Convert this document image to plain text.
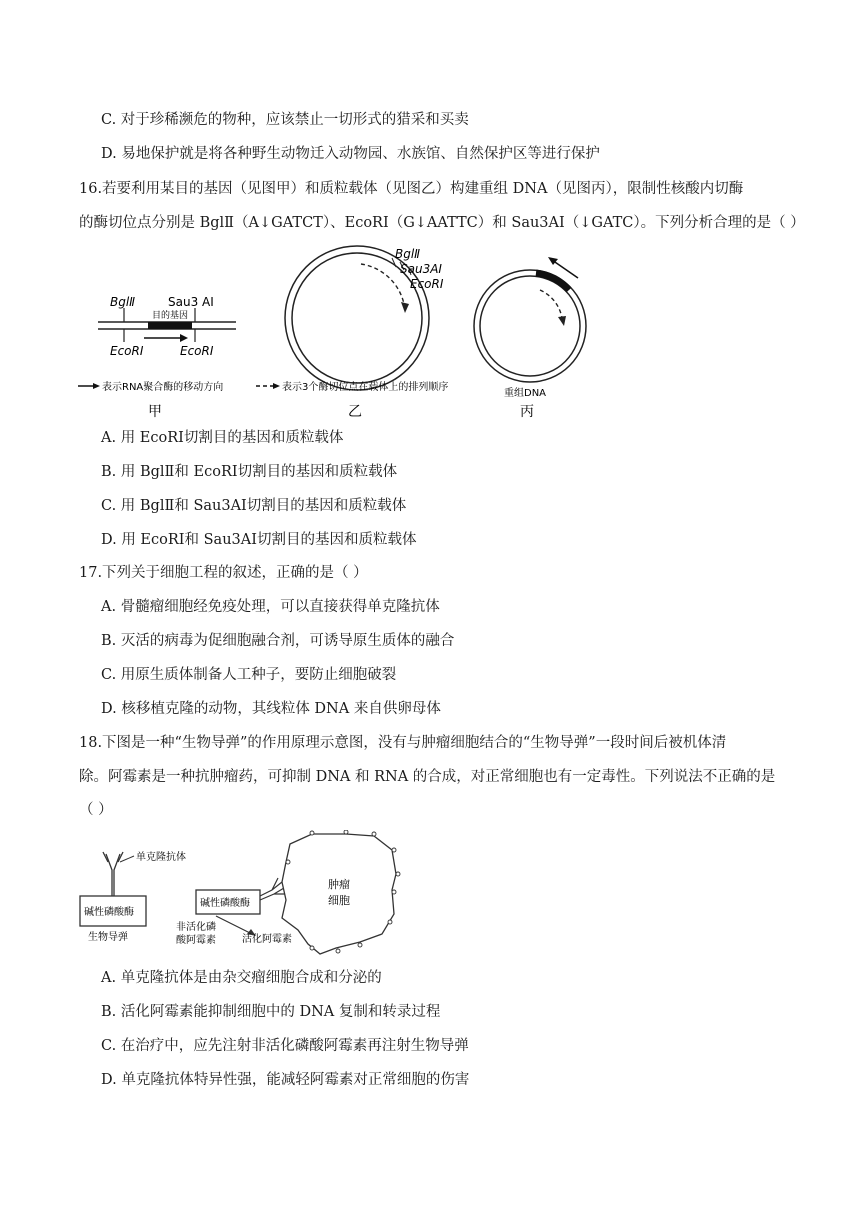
C. 对于珍稀濒危的物种，应该禁止一切形式的猎采和买卖
D. 易地保护就是将各种野生动物迁入动物园、水族馆、自然保护区等进行保护
16.若要利用某目的基因（见图甲）和质粒载体（见图乙）构建重组 DNA（见图丙），限制性核酸内切酶
的酶切位点分别是 BglⅡ（A↓GATCT）、EcoRⅠ（G↓AATTC）和 Sau3AⅠ（↓GATC）。下列分析合理的是（ ）
BglⅡ	Sau3 AI
目的基因
EcoRⅠ	EcoRⅠ
BglⅡ
Sau3AI
EcoRⅠ
重组DNA
表示RNA聚合酶的移动方向	表示3个酶切位点在载体上的排列顺序
甲	乙	丙
A. 用 EcoRⅠ切割目的基因和质粒载体
B. 用 BglⅡ和 EcoRⅠ切割目的基因和质粒载体
C. 用 BglⅡ和 Sau3AⅠ切割目的基因和质粒载体
D. 用 EcoRⅠ和 Sau3AⅠ切割目的基因和质粒载体
17.下列关于细胞工程的叙述，正确的是（ ）
A. 骨髓瘤细胞经免疫处理，可以直接获得单克隆抗体
B. 灭活的病毒为促细胞融合剂，可诱导原生质体的融合
C. 用原生质体制备人工种子，要防止细胞破裂
D. 核移植克隆的动物，其线粒体 DNA 来自供卵母体
18.下图是一种“生物导弹”的作用原理示意图，没有与肿瘤细胞结合的“生物导弹”一段时间后被机体清
除。阿霉素是一种抗肿瘤药，可抑制 DNA 和 RNA 的合成，对正常细胞也有一定毒性。下列说法不正确的是
（ ）
单克隆抗体
碱性磷酸酶
生物导弹
碱性磷酸酶
非活化磷
酸阿霉素	活化阿霉素
肿瘤
细胞
A. 单克隆抗体是由杂交瘤细胞合成和分泌的
B. 活化阿霉素能抑制细胞中的 DNA 复制和转录过程
C. 在治疗中，应先注射非活化磷酸阿霉素再注射生物导弹
D. 单克隆抗体特异性强，能减轻阿霉素对正常细胞的伤害
